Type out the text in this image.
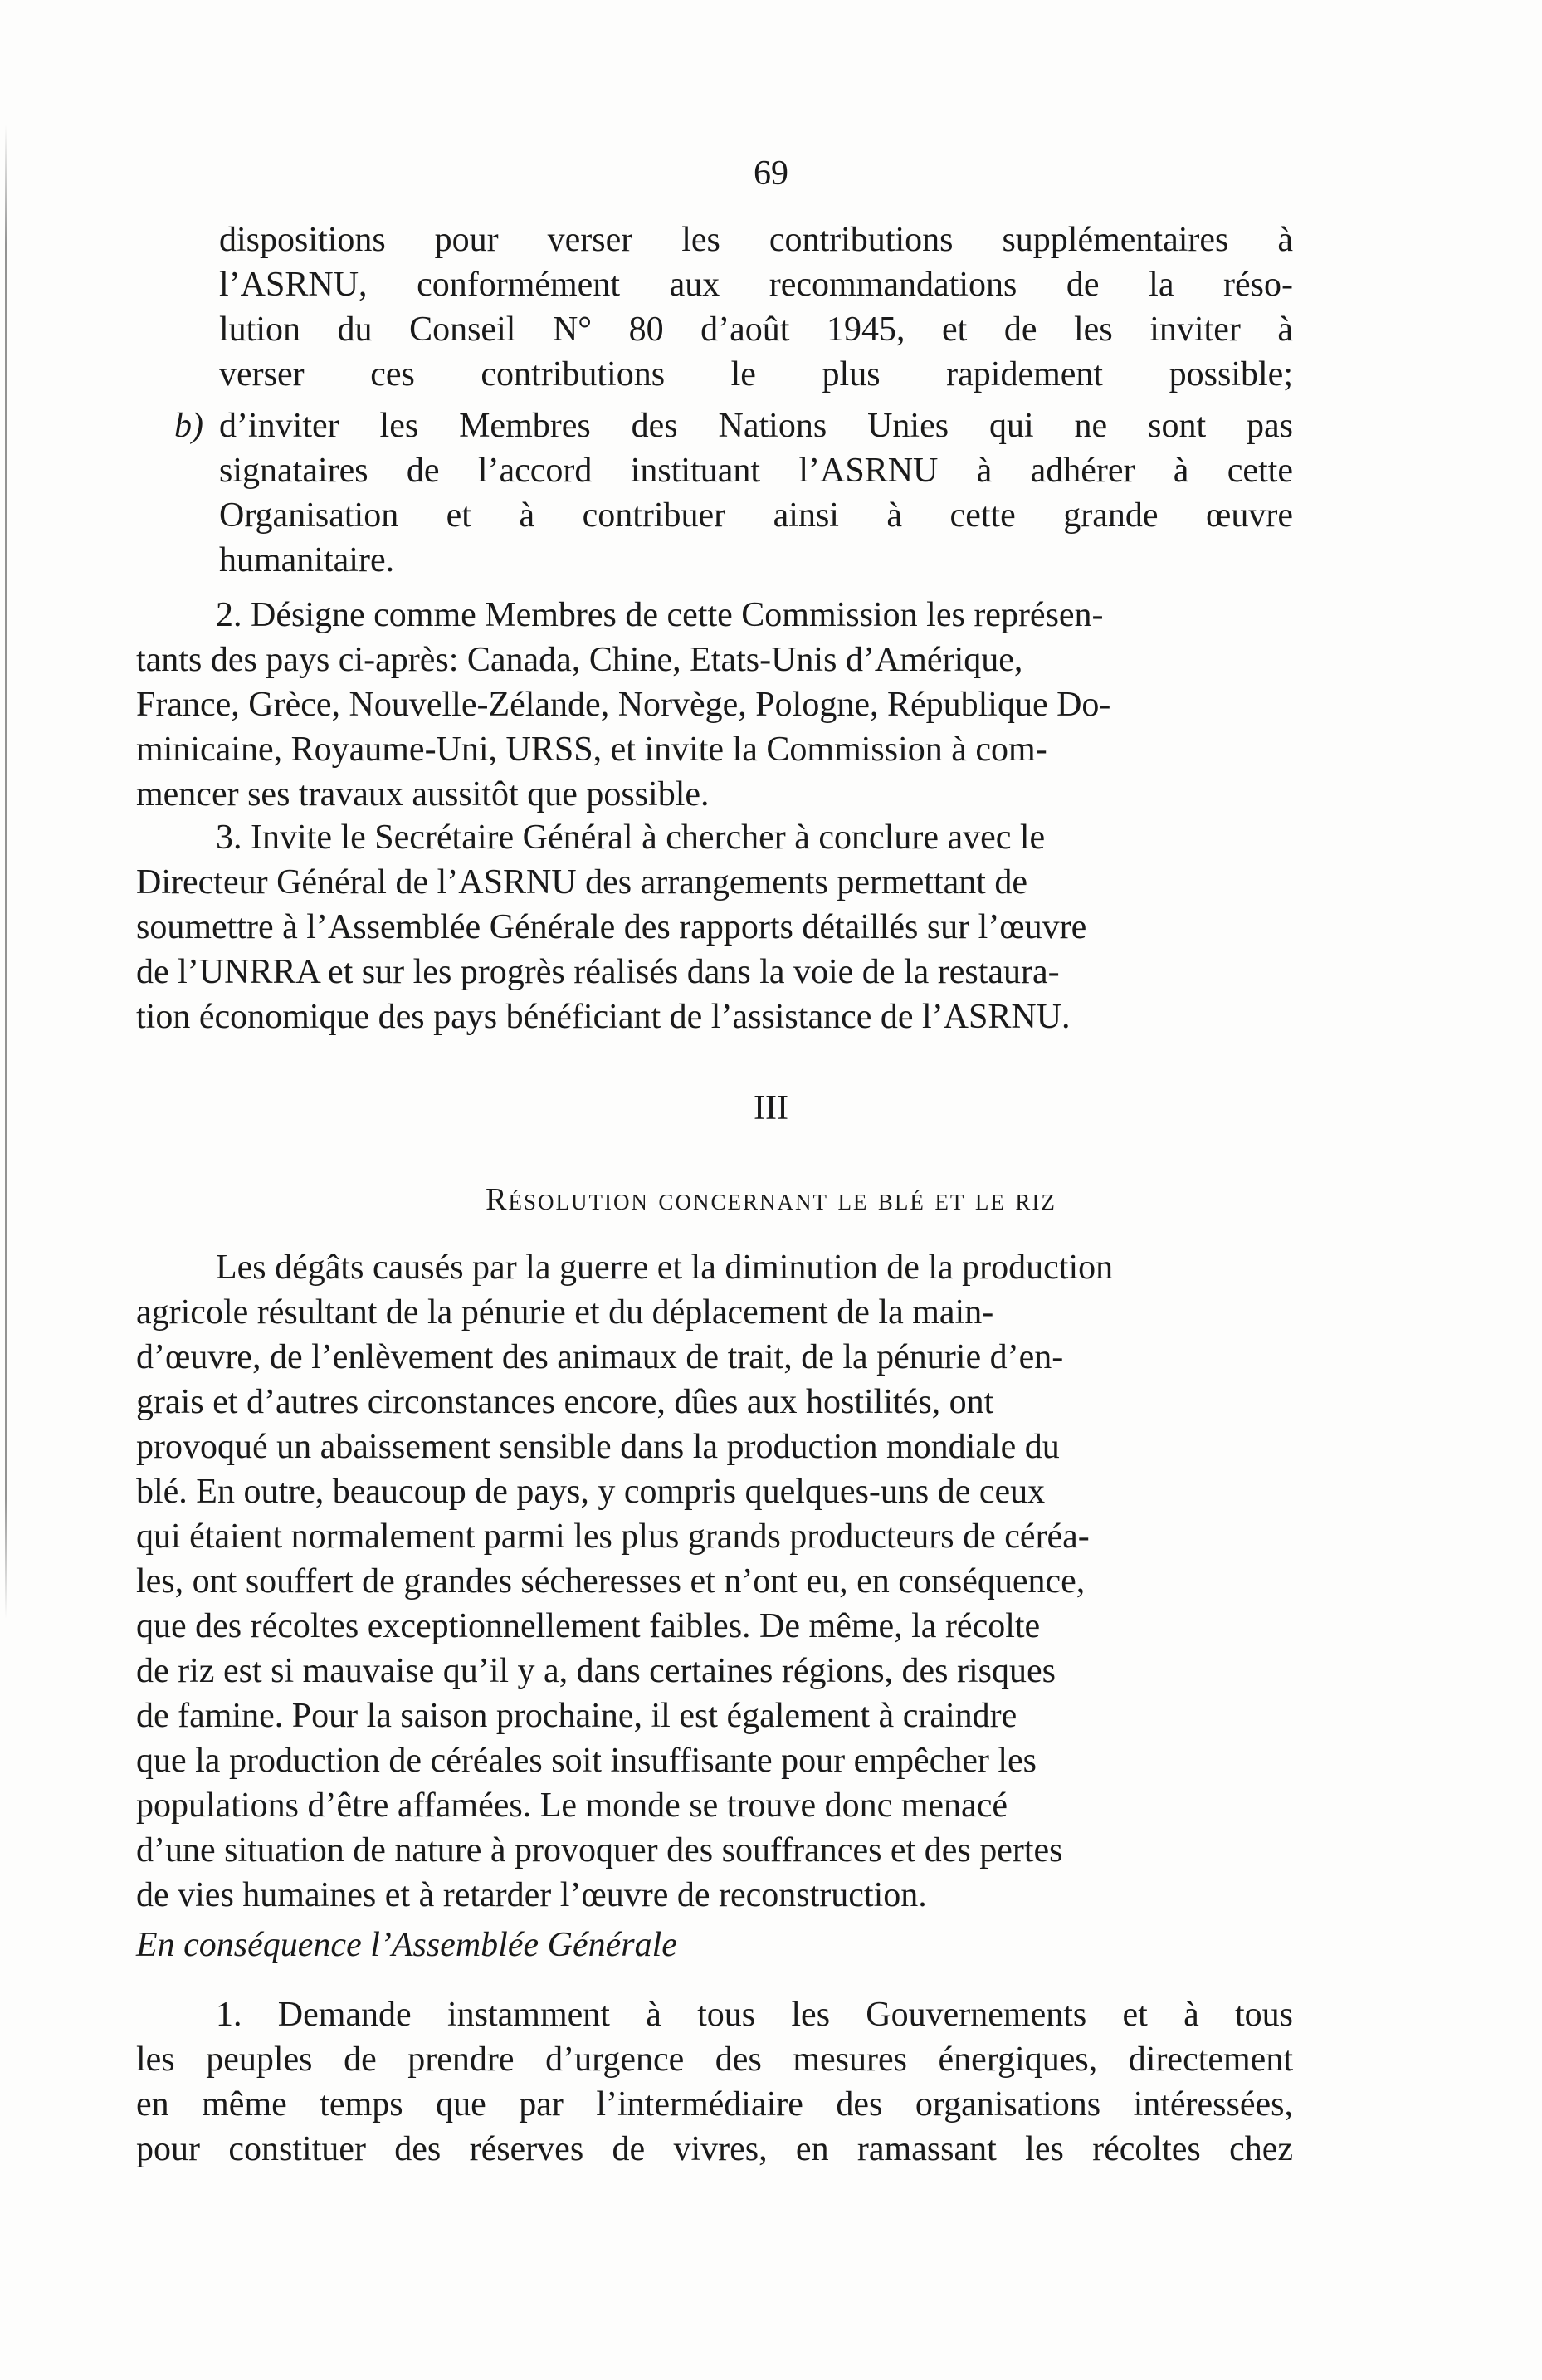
69
dispositions pour verser les contributions supplémentaires à
l’ASRNU, conformément aux recommandations de la réso-
lution du Conseil N° 80 d’août 1945, et de les inviter à
verser ces contributions le plus rapidement possible;
b) d’inviter les Membres des Nations Unies qui ne sont pas
signataires de l’accord instituant l’ASRNU à adhérer à cette
Organisation et à contribuer ainsi à cette grande œuvre
humanitaire.
2. Désigne comme Membres de cette Commission les représen-
tants des pays ci-après: Canada, Chine, Etats-Unis d’Amérique,
France, Grèce, Nouvelle-Zélande, Norvège, Pologne, République Do-
minicaine, Royaume-Uni, URSS, et invite la Commission à com-
mencer ses travaux aussitôt que possible.
3. Invite le Secrétaire Général à chercher à conclure avec le
Directeur Général de l’ASRNU des arrangements permettant de
soumettre à l’Assemblée Générale des rapports détaillés sur l’œuvre
de l’UNRRA et sur les progrès réalisés dans la voie de la restaura-
tion économique des pays bénéficiant de l’assistance de l’ASRNU.
III
Résolution concernant le blé et le riz
Les dégâts causés par la guerre et la diminution de la production
agricole résultant de la pénurie et du déplacement de la main-
d’œuvre, de l’enlèvement des animaux de trait, de la pénurie d’en-
grais et d’autres circonstances encore, dûes aux hostilités, ont
provoqué un abaissement sensible dans la production mondiale du
blé. En outre, beaucoup de pays, y compris quelques-uns de ceux
qui étaient normalement parmi les plus grands producteurs de céréa-
les, ont souffert de grandes sécheresses et n’ont eu, en conséquence,
que des récoltes exceptionnellement faibles. De même, la récolte
de riz est si mauvaise qu’il y a, dans certaines régions, des risques
de famine. Pour la saison prochaine, il est également à craindre
que la production de céréales soit insuffisante pour empêcher les
populations d’être affamées. Le monde se trouve donc menacé
d’une situation de nature à provoquer des souffrances et des pertes
de vies humaines et à retarder l’œuvre de reconstruction.
En conséquence l’Assemblée Générale
1. Demande instamment à tous les Gouvernements et à tous
les peuples de prendre d’urgence des mesures énergiques, directement
en même temps que par l’intermédiaire des organisations intéressées,
pour constituer des réserves de vivres, en ramassant les récoltes chez
